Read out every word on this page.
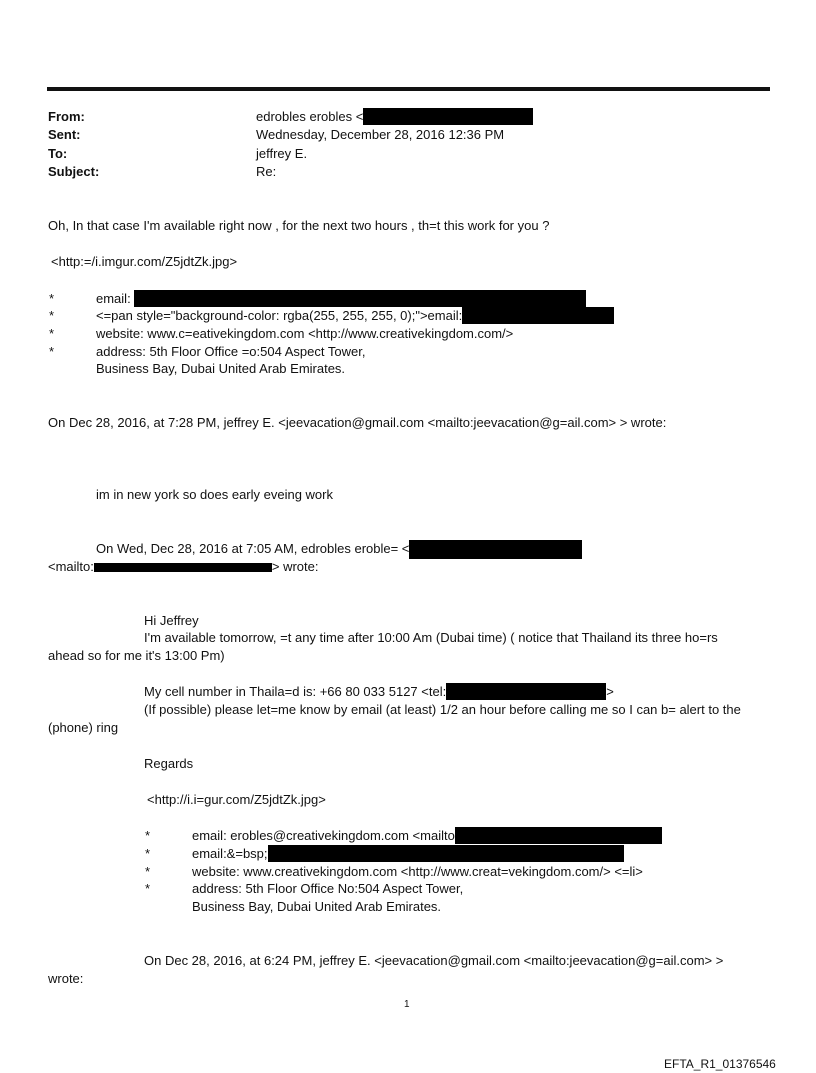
From:	edrobles erobles <
Sent:	Wednesday, December 28, 2016 12:36 PM
To:	jeffrey E.
Subject:	Re:
Oh, In that case I'm available right now , for the next two hours , th=t this work for you ?
<http:=/i.imgur.com/Z5jdtZk.jpg>
*	email:
*	<=pan style="background-color: rgba(255, 255, 255, 0);">email:
*	website: www.c=eativekingdom.com <http://www.creativekingdom.com/>
*	address: 5th Floor Office =o:504 Aspect Tower,
Business Bay, Dubai United Arab Emirates.
On Dec 28, 2016, at 7:28 PM, jeffrey E. <jeevacation@gmail.com <mailto:jeevacation@g=ail.com> > wrote:
im in new york so does early eveing work
On Wed, Dec 28, 2016 at 7:05 AM, edrobles eroble= <
<mailto:	> wrote:
Hi Jeffrey
I'm available tomorrow, =t any time after 10:00 Am (Dubai time) ( notice that Thailand its three ho=rs
ahead so for me it's 13:00 Pm)
My cell number in Thaila=d is: +66 80 033 5127 <tel:	>
(If possible) please let=me know by email (at least) 1/2 an hour before calling me so I can b= alert to the
(phone) ring
Regards
<http://i.i=gur.com/Z5jdtZk.jpg>
*	email: erobles@creativekingdom.com <mailto
*	email:&=bsp;
*	website: www.creativekingdom.com <http://www.creat=vekingdom.com/> <=li>
*	address: 5th Floor Office No:504 Aspect Tower,
Business Bay, Dubai United Arab Emirates.
On Dec 28, 2016, at 6:24 PM, jeffrey E. <jeevacation@gmail.com <mailto:jeevacation@g=ail.com> >
wrote:
1
EFTA_R1_01376546
